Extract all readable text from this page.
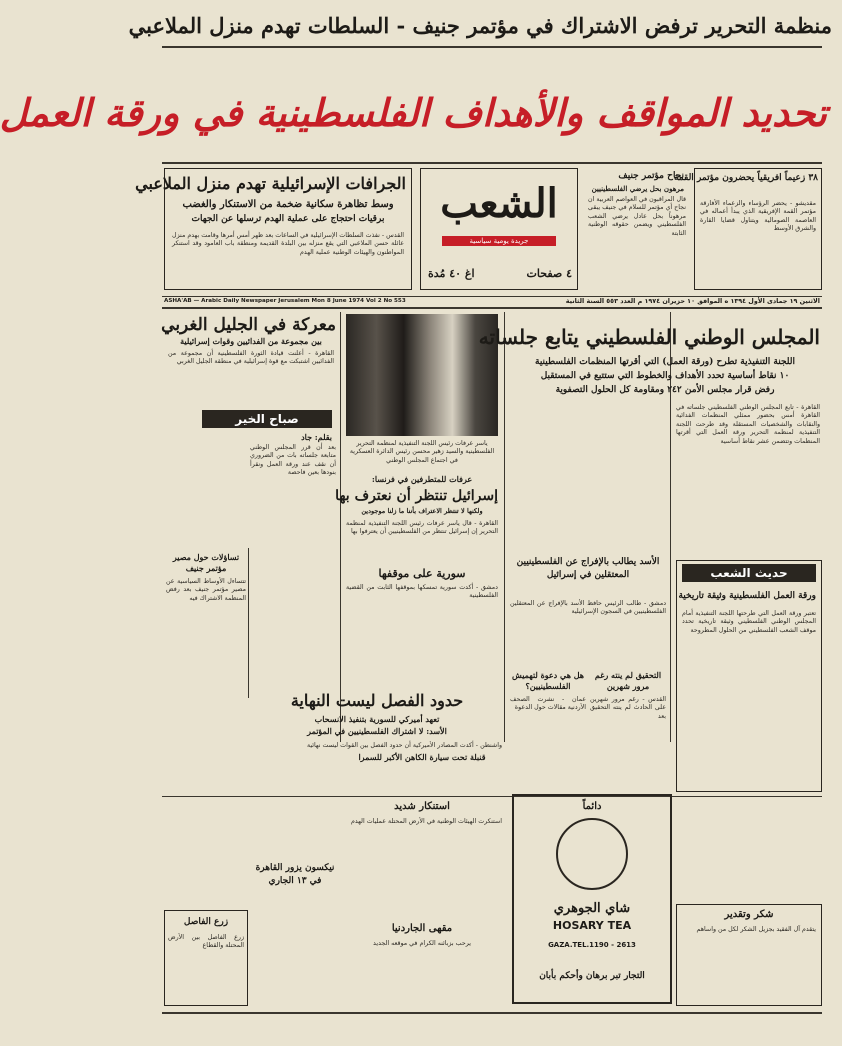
منظمة التحرير ترفض الاشتراك في مؤتمر جنيف - السلطات تهدم منزل الملاعبي
تحديد المواقف والأهداف الفلسطينية في ورقة العمل
الجرافات الإسرائيلية تهدم منزل الملاعبي
وسط تظاهرة سكانية ضخمة من الاستنكار والغضب
برقيات احتجاج على عملية الهدم ترسلها عن الجهات
القدس - نفذت السلطات الإسرائيلية في الساعات بعد ظهر أمس أمرها وقامت بهدم منزل عائلة حسن الملاعبي التي يقع منزله بين البلدة القديمة ومنطقة باب العامود وقد استنكر المواطنون والهيئات الوطنية عملية الهدم
الشعب
جريدة يومية سياسية
٤ صفحات
اغ ٤٠ مُدة
نجاح مؤتمر جنيف
مرهون بحل يرضي الفلسطينيين
قال المراقبون في العواصم العربية ان نجاح أي مؤتمر للسلام في جنيف يبقى مرهوناً بحل عادل يرضي الشعب الفلسطيني ويضمن حقوقه الوطنية الثابتة
٣٨ زعيماً افريقياً يحضرون مؤتمر القمة
مقديشو - يحضر الرؤساء والزعماء الأفارقة مؤتمر القمة الإفريقية الذي يبدأ أعماله في العاصمة الصومالية ويتناول قضايا القارة والشرق الأوسط
ASHA'AB — Arabic Daily Newspaper Jerusalem Mon 8 June 1974 Vol 2 No 553	الاثنين ١٩ جمادى الأول ١٣٩٤ ه الموافق ١٠ حزيران ١٩٧٤ م العدد ٥٥٣ السنة الثانية
معركة في الجليل الغربي
بين مجموعة من الفدائيين وقوات إسرائيلية
القاهرة - أعلنت قيادة الثورة الفلسطينية أن مجموعة من الفدائيين اشتبكت مع قوة إسرائيلية في منطقة الجليل الغربي
صباح الخير
بقلم: جاد
بعد أن قرر المجلس الوطني متابعة جلساته بات من الضروري أن نقف عند ورقة العمل ونقرأ بنودها بعين فاحصة
تساؤلات حول مصير مؤتمر جنيف
تتساءل الأوساط السياسية عن مصير مؤتمر جنيف بعد رفض المنظمة الاشتراك فيه
ياسر عرفات رئيس اللجنة التنفيذية لمنظمة التحرير الفلسطينية والسيد زهير محسن رئيس الدائرة العسكرية في اجتماع المجلس الوطني
المجلس الوطني الفلسطيني يتابع جلساته
اللجنة التنفيذية تطرح (ورقة العمل) التي أقرتها المنظمات الفلسطينية
١٠ نقاط أساسية تحدد الأهداف والخطوط التي ستتبع في المستقبل
رفض قرار مجلس الأمن ٢٤٢ ومقاومة كل الحلول التصفوية
القاهرة - تابع المجلس الوطني الفلسطيني جلساته في القاهرة أمس بحضور ممثلي المنظمات الفدائية والنقابات والشخصيات المستقلة وقد طرحت اللجنة التنفيذية لمنظمة التحرير ورقة العمل التي أقرتها المنظمات وتتضمن عشر نقاط أساسية
عرفات للمتطرفين في فرنسا:
إسرائيل تنتظر أن نعترف بها
ولكنها لا تنتظر الاعتراف بأننا ما زلنا موجودين
القاهرة - قال ياسر عرفات رئيس اللجنة التنفيذية لمنظمة التحرير إن إسرائيل تنتظر من الفلسطينيين أن يعترفوا بها
الأسد يطالب بالإفراج عن الفلسطينيين المعتقلين في إسرائيل
دمشق - طالب الرئيس حافظ الأسد بالإفراج عن المعتقلين الفلسطينيين في السجون الإسرائيلية
سورية على موقفها
دمشق - أكدت سورية تمسكها بموقفها الثابت من القضية الفلسطينية
حديث الشعب
ورقة العمل الفلسطينية وثيقة تاريخية
تعتبر ورقة العمل التي طرحتها اللجنة التنفيذية أمام المجلس الوطني الفلسطيني وثيقة تاريخية تحدد موقف الشعب الفلسطيني من الحلول المطروحة
حدود الفصل ليست النهاية
تعهد أميركي للسورية بتنفيذ الانسحاب
الأسد: لا اشتراك الفلسطينيين في المؤتمر
واشنطن - أكدت المصادر الأميركية أن حدود الفصل بين القوات ليست نهائية
هل هي دعوة لتهميش الفلسطينيين؟
عمان - نشرت الصحف الأردنية مقالات حول الدعوة
التحقيق لم ينته رغم مرور شهرين
القدس - رغم مرور شهرين على الحادث لم ينته التحقيق بعد
قنبلة تحت سيارة الكاهن الأكبر للسمرا
استنكار شديد
استنكرت الهيئات الوطنية في الأرض المحتلة عمليات الهدم
نيكسون يزور القاهرة في ١٣ الجاري
زرع الفاصل
زرع الفاصل بين الأرض المحتلة والقطاع
دائماً
شاي الجوهري
HOSARY TEA
GAZA.TEL.1190 - 2613
التجار تبر برهان وأحكم بأبان
مقهى الجاردنيا
يرحب بزبائنه الكرام في موقعه الجديد
شكر وتقدير
يتقدم آل الفقيد بجزيل الشكر لكل من واساهم
